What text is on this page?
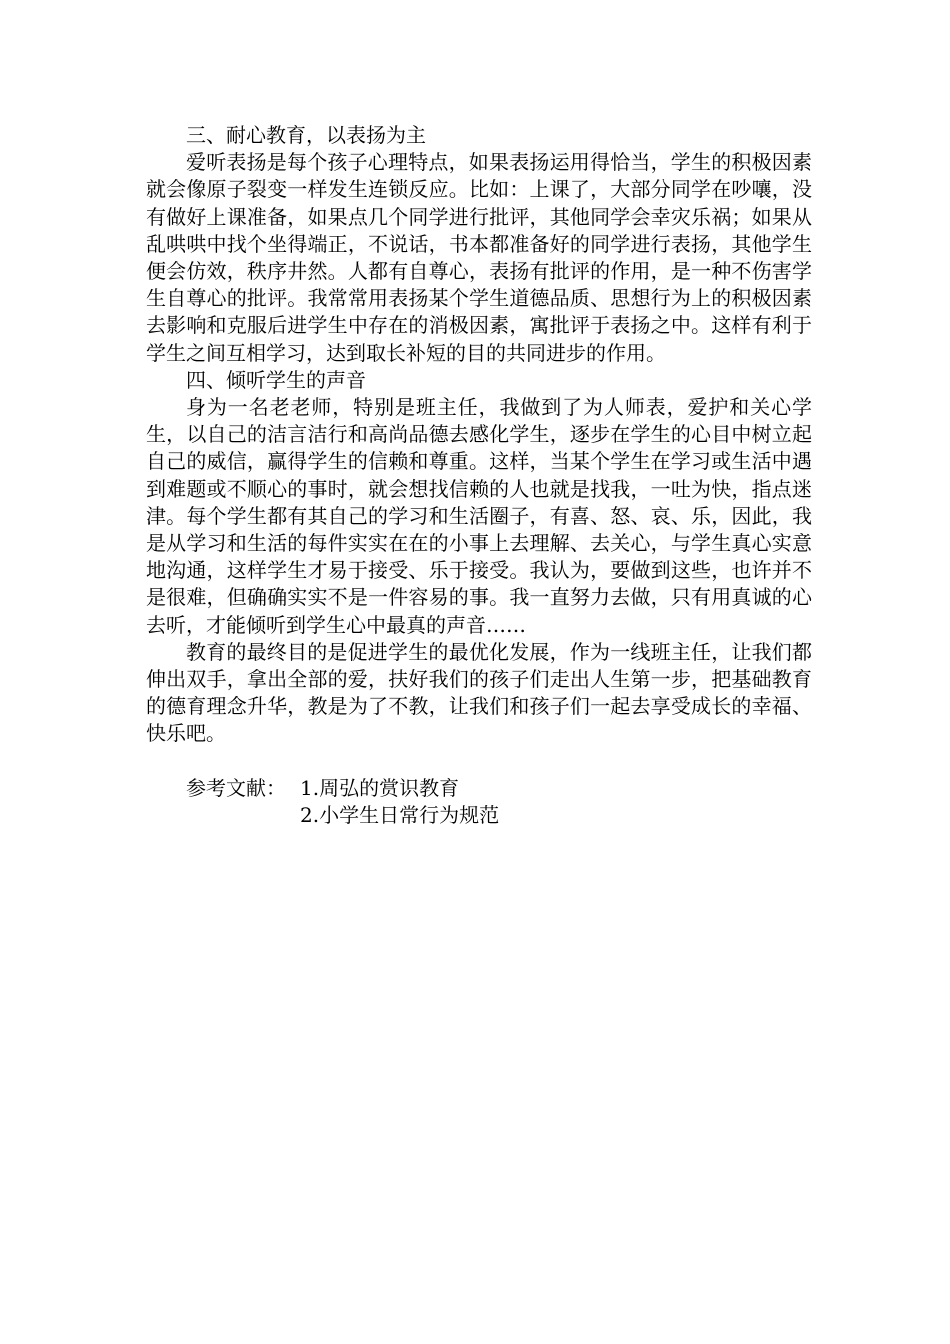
三、耐心教育，以表扬为主

爱听表扬是每个孩子心理特点，如果表扬运用得恰当，学生的积极因素就会像原子裂变一样发生连锁反应。比如：上课了，大部分同学在吵嚷，没有做好上课准备，如果点几个同学进行批评，其他同学会幸灾乐祸；如果从乱哄哄中找个坐得端正，不说话，书本都准备好的同学进行表扬，其他学生便会仿效，秩序井然。人都有自尊心，表扬有批评的作用，是一种不伤害学生自尊心的批评。我常常用表扬某个学生道德品质、思想行为上的积极因素去影响和克服后进学生中存在的消极因素，寓批评于表扬之中。这样有利于学生之间互相学习，达到取长补短的目的共同进步的作用。

四、倾听学生的声音

身为一名老老师，特别是班主任，我做到了为人师表，爱护和关心学生，以自己的洁言洁行和高尚品德去感化学生，逐步在学生的心目中树立起自己的威信，赢得学生的信赖和尊重。这样，当某个学生在学习或生活中遇到难题或不顺心的事时，就会想找信赖的人也就是找我，一吐为快，指点迷津。每个学生都有其自己的学习和生活圈子，有喜、怒、哀、乐，因此，我是从学习和生活的每件实实在在的小事上去理解、去关心，与学生真心实意地沟通，这样学生才易于接受、乐于接受。我认为，要做到这些，也许并不是很难，但确确实实不是一件容易的事。我一直努力去做，只有用真诚的心去听，才能倾听到学生心中最真的声音……

教育的最终目的是促进学生的最优化发展，作为一线班主任，让我们都伸出双手，拿出全部的爱，扶好我们的孩子们走出人生第一步，把基础教育的德育理念升华，教是为了不教，让我们和孩子们一起去享受成长的幸福、快乐吧。

参考文献： 1.周弘的赏识教育
2.小学生日常行为规范
